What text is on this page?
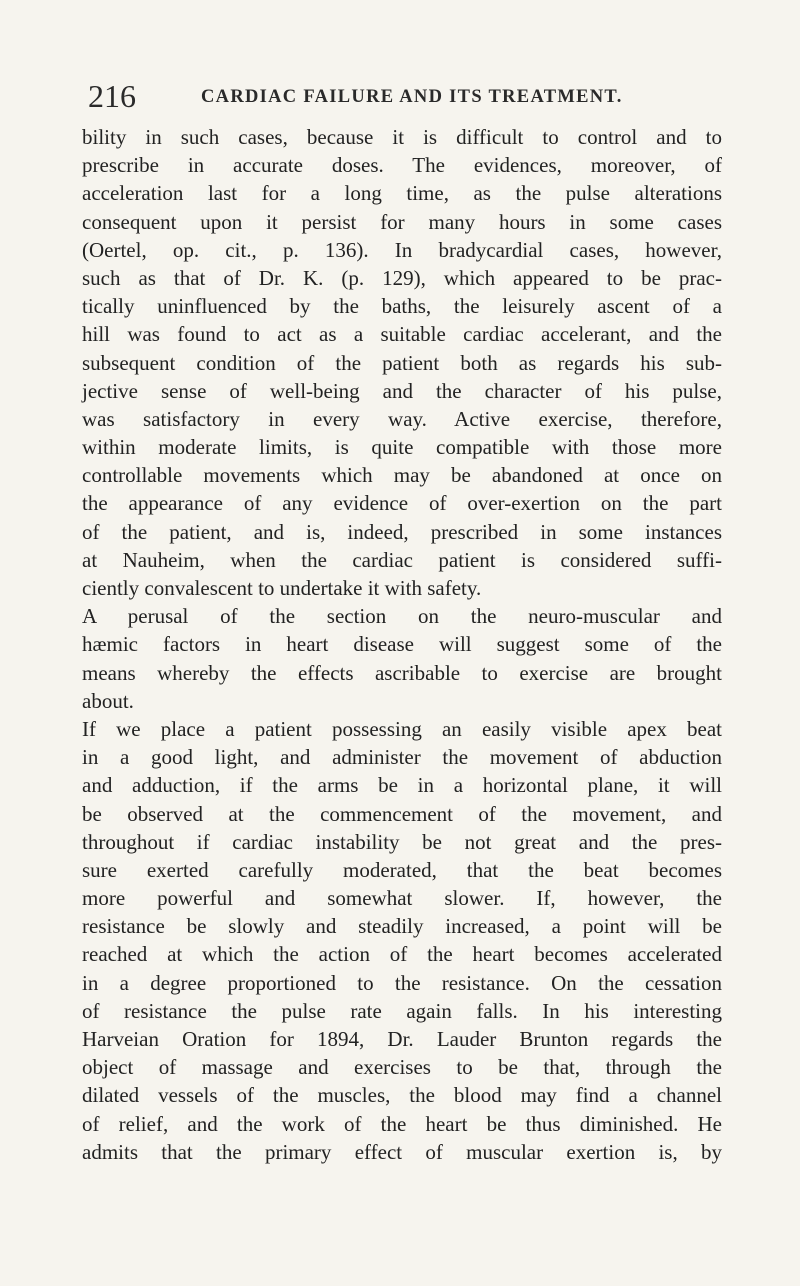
216	CARDIAC FAILURE AND ITS TREATMENT.
bility in such cases, because it is difficult to control and to
prescribe in accurate doses. The evidences, moreover, of
acceleration last for a long time, as the pulse alterations
consequent upon it persist for many hours in some cases
(Oertel, op. cit., p. 136). In bradycardial cases, however,
such as that of Dr. K. (p. 129), which appeared to be prac-
tically uninfluenced by the baths, the leisurely ascent of a
hill was found to act as a suitable cardiac accelerant, and the
subsequent condition of the patient both as regards his sub-
jective sense of well-being and the character of his pulse,
was satisfactory in every way. Active exercise, therefore,
within moderate limits, is quite compatible with those more
controllable movements which may be abandoned at once on
the appearance of any evidence of over-exertion on the part
of the patient, and is, indeed, prescribed in some instances
at Nauheim, when the cardiac patient is considered suffi-
ciently convalescent to undertake it with safety.
A perusal of the section on the neuro-muscular and
hæmic factors in heart disease will suggest some of the
means whereby the effects ascribable to exercise are brought
about.
If we place a patient possessing an easily visible apex beat
in a good light, and administer the movement of abduction
and adduction, if the arms be in a horizontal plane, it will
be observed at the commencement of the movement, and
throughout if cardiac instability be not great and the pres-
sure exerted carefully moderated, that the beat becomes
more powerful and somewhat slower. If, however, the
resistance be slowly and steadily increased, a point will be
reached at which the action of the heart becomes accelerated
in a degree proportioned to the resistance. On the cessation
of resistance the pulse rate again falls. In his interesting
Harveian Oration for 1894, Dr. Lauder Brunton regards the
object of massage and exercises to be that, through the
dilated vessels of the muscles, the blood may find a channel
of relief, and the work of the heart be thus diminished. He
admits that the primary effect of muscular exertion is, by
